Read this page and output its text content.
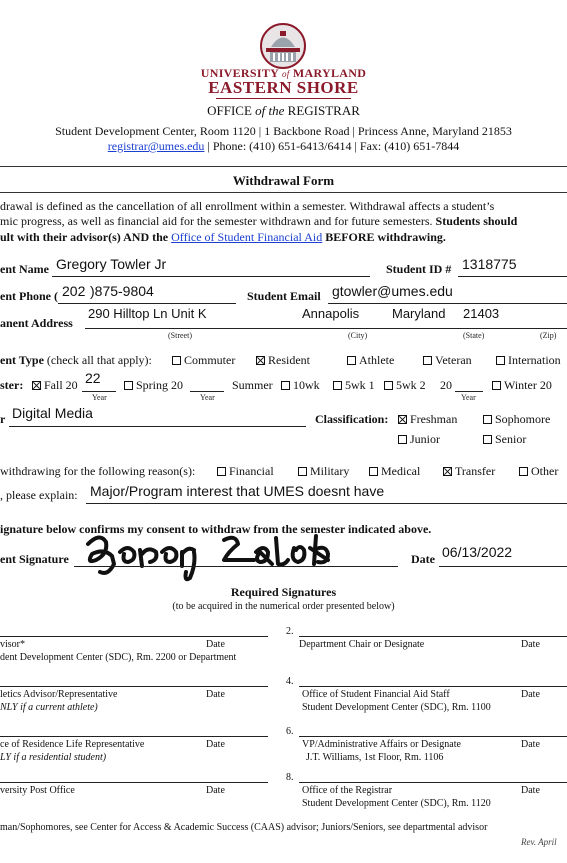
UNIVERSITY of MARYLAND
EASTERN SHORE
OFFICE of the REGISTRAR
Student Development Center, Room 1120 | 1 Backbone Road | Princess Anne, Maryland 21853
registrar@umes.edu | Phone: (410) 651-6413/6414 | Fax: (410) 651-7844
Withdrawal Form
drawal is defined as the cancellation of all enrollment within a semester. Withdrawal affects a student’s
mic progress, as well as financial aid for the semester withdrawn and for future semesters. Students should
ult with their advisor(s) AND the Office of Student Financial Aid BEFORE withdrawing.
ent Name Gregory Towler Jr	Student ID # 1318775
ent Phone ( 202 )875-9804	Student Email gtowler@umes.edu
anent Address
290 Hilltop Ln Unit K	Annapolis	Maryland 21403
(Street)	(City)	(State)	(Zip)
ent Type (check all that apply):	Commuter	Resident	Athlete	Veteran	Internation
ster:	Fall 20 22
Year
Spring 20
Year
Summer	10wk	5wk 1	5wk 2 20
Year
Winter 20
r Digital Media	Classification:	Freshman	Sophomore
Junior	Senior
withdrawing for the following reason(s):	Financial	Military	Medical	Transfer	Other
, please explain: Major/Program interest that UMES doesnt have
ignature below confirms my consent to withdraw from the semester indicated above.
ent Signature	Date 06/13/2022
Required Signatures
(to be acquired in the numerical order presented below)
visor*	Date
dent Development Center (SDC), Rm. 2200 or Department
2.
Department Chair or Designate	Date
letics Advisor/Representative	Date
NLY if a current athlete)
4.
Office of Student Financial Aid Staff	Date
Student Development Center (SDC), Rm. 1100
ce of Residence Life Representative	Date
LY if a residential student)
6.
VP/Administrative Affairs or Designate	Date
J.T. Williams, 1st Floor, Rm. 1106
versity Post Office	Date
8.
Office of the Registrar	Date
Student Development Center (SDC), Rm. 1120
man/Sophomores, see Center for Access & Academic Success (CAAS) advisor; Juniors/Seniors, see departmental advisor
Rev. April
